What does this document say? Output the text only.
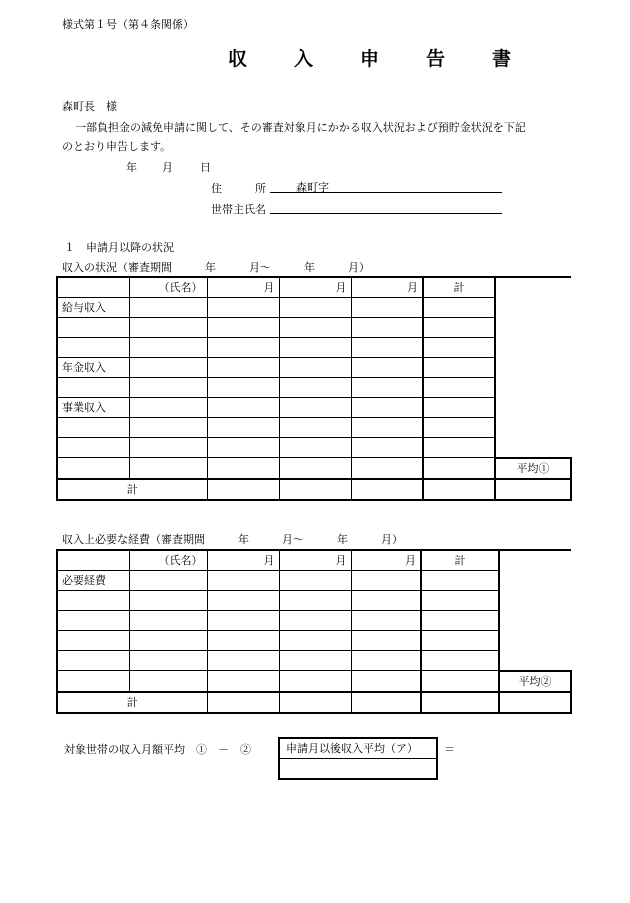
様式第１号（第４条関係）
収　入　申　告　書
森町長　様
一部負担金の減免申請に関して、その審査対象月にかかる収入状況および預貯金状況を下記
のとおり申告します。
年 月 日
住　　　所	森町字
世帯主氏名
１　申請月以降の状況
収入の状況（審査期間　　　年　　　月～　　　年　　　月）
	（氏名）	月	月	月	計	
給与収入						

年金収入						

事業収入						

						平均①
計						
収入上必要な経費（審査期間　　　年　　　月～　　　年　　　月）
	（氏名）	月	月	月	計	
必要経費						

						平均②
計						
対象世帯の収入月額平均　①　－　②	申請月以後収入平均（ア）	＝
